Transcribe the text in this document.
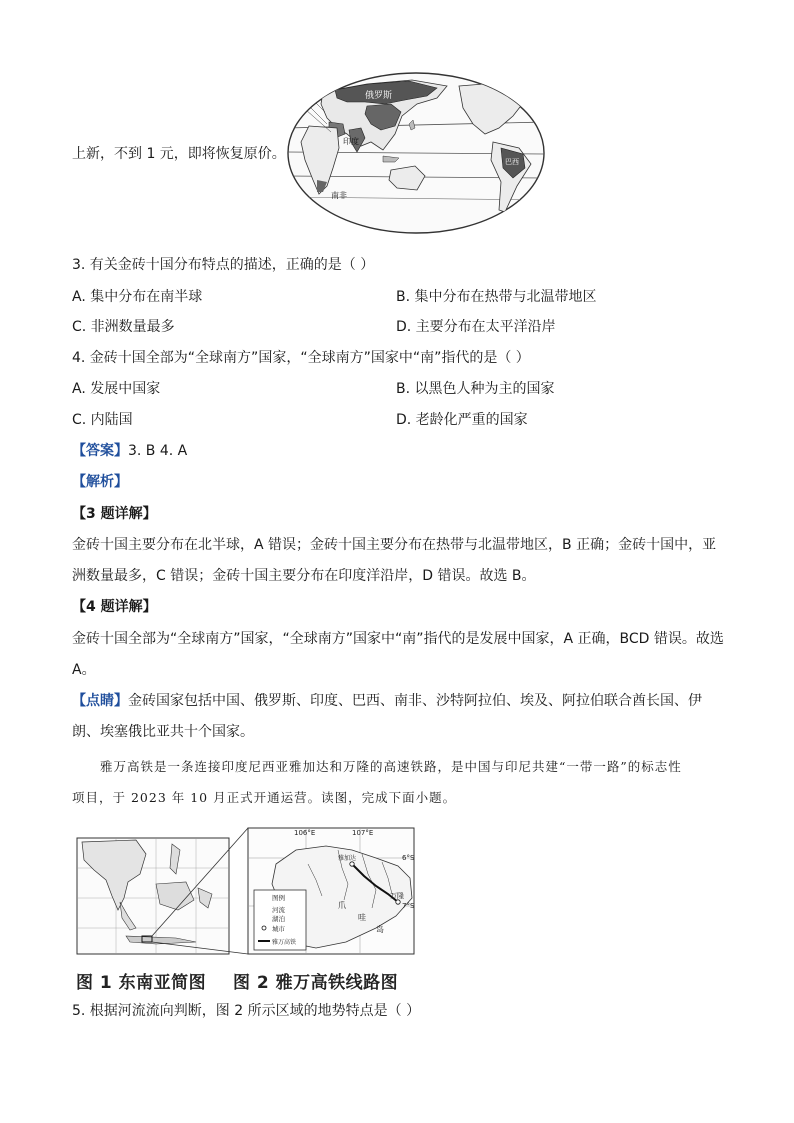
上新，不到 1 元，即将恢复原价。
俄罗斯
印度
巴西
南非
3. 有关金砖十国分布特点的描述，正确的是（ ）
A. 集中分布在南半球	B. 集中分布在热带与北温带地区
C. 非洲数量最多	D. 主要分布在太平洋沿岸
4. 金砖十国全部为“全球南方”国家，“全球南方”国家中“南”指代的是（ ）
A. 发展中国家	B. 以黑色人种为主的国家
C. 内陆国	D. 老龄化严重的国家
【答案】3. B 4. A
【解析】
【3 题详解】
金砖十国主要分布在北半球，A 错误；金砖十国主要分布在热带与北温带地区，B 正确；金砖十国中，亚
洲数量最多，C 错误；金砖十国主要分布在印度洋沿岸，D 错误。故选 B。
【4 题详解】
金砖十国全部为“全球南方”国家，“全球南方”国家中“南”指代的是发展中国家，A 正确，BCD 错误。故选
A。
【点睛】金砖国家包括中国、俄罗斯、印度、巴西、南非、沙特阿拉伯、埃及、阿拉伯联合酋长国、伊
朗、埃塞俄比亚共十个国家。
雅万高铁是一条连接印度尼西亚雅加达和万隆的高速铁路，是中国与印尼共建“一带一路”的标志性
项目，于 2023 年 10 月正式开通运营。读图，完成下面小题。
106°E	107°E
6°S
7°S
雅加达
万隆
爪
哇
岛
图例
河流
湖泊
城市
雅万高铁
图 1 东南亚简图 图 2 雅万高铁线路图
5. 根据河流流向判断，图 2 所示区域的地势特点是（ ）
